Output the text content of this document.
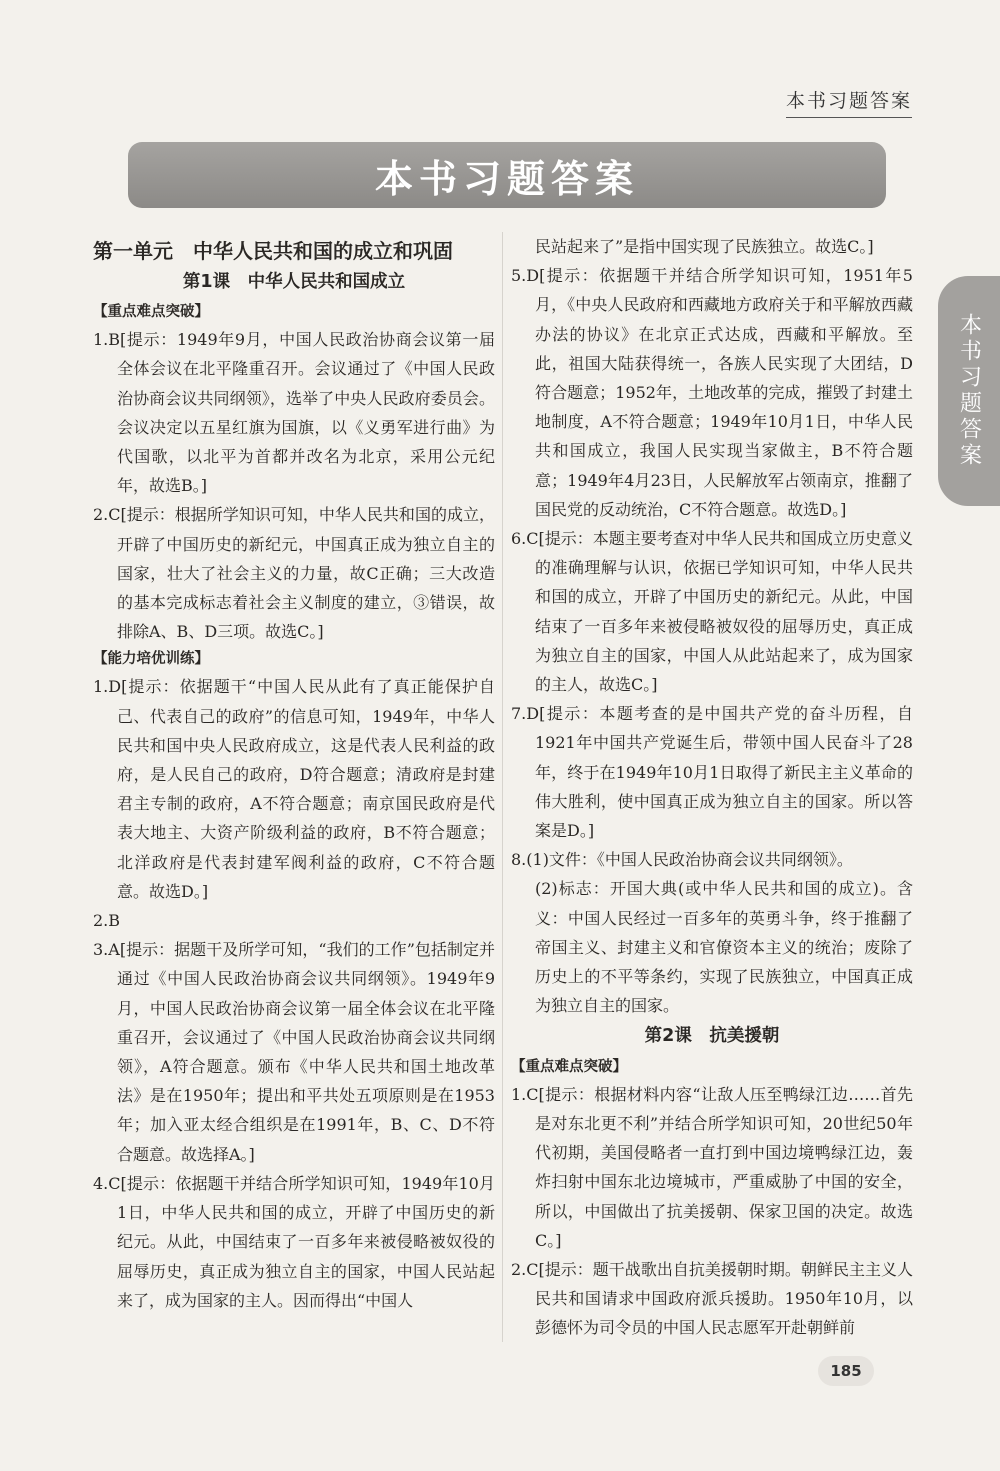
本书习题答案
本书习题答案
本书习题答案
第一单元　中华人民共和国的成立和巩固
第1课　中华人民共和国成立
【重点难点突破】

1.B[提示：1949年9月，中国人民政治协商会议第一届全体会议在北平隆重召开。会议通过了《中国人民政治协商会议共同纲领》，选举了中央人民政府委员会。会议决定以五星红旗为国旗，以《义勇军进行曲》为代国歌，以北平为首都并改名为北京，采用公元纪年，故选B。]

2.C[提示：根据所学知识可知，中华人民共和国的成立，开辟了中国历史的新纪元，中国真正成为独立自主的国家，壮大了社会主义的力量，故C正确；三大改造的基本完成标志着社会主义制度的建立，③错误，故排除A、B、D三项。故选C。]

【能力培优训练】

1.D[提示：依据题干“中国人民从此有了真正能保护自己、代表自己的政府”的信息可知，1949年，中华人民共和国中央人民政府成立，这是代表人民利益的政府，是人民自己的政府，D符合题意；清政府是封建君主专制的政府，A不符合题意；南京国民政府是代表大地主、大资产阶级利益的政府，B不符合题意；北洋政府是代表封建军阀利益的政府，C不符合题意。故选D。]

2.B

3.A[提示：据题干及所学可知，“我们的工作”包括制定并通过《中国人民政治协商会议共同纲领》。1949年9月，中国人民政治协商会议第一届全体会议在北平隆重召开，会议通过了《中国人民政治协商会议共同纲领》，A符合题意。颁布《中华人民共和国土地改革法》是在1950年；提出和平共处五项原则是在1953年；加入亚太经合组织是在1991年，B、C、D不符合题意。故选择A。]

4.C[提示：依据题干并结合所学知识可知，1949年10月1日，中华人民共和国的成立，开辟了中国历史的新纪元。从此，中国结束了一百多年来被侵略被奴役的屈辱历史，真正成为独立自主的国家，中国人民站起来了，成为国家的主人。因而得出“中国人

民站起来了”是指中国实现了民族独立。故选C。]

5.D[提示：依据题干并结合所学知识可知，1951年5月，《中央人民政府和西藏地方政府关于和平解放西藏办法的协议》在北京正式达成，西藏和平解放。至此，祖国大陆获得统一，各族人民实现了大团结，D符合题意；1952年，土地改革的完成，摧毁了封建土地制度，A不符合题意；1949年10月1日，中华人民共和国成立，我国人民实现当家做主，B不符合题意；1949年4月23日，人民解放军占领南京，推翻了国民党的反动统治，C不符合题意。故选D。]

6.C[提示：本题主要考查对中华人民共和国成立历史意义的准确理解与认识，依据已学知识可知，中华人民共和国的成立，开辟了中国历史的新纪元。从此，中国结束了一百多年来被侵略被奴役的屈辱历史，真正成为独立自主的国家，中国人从此站起来了，成为国家的主人，故选C。]

7.D[提示：本题考查的是中国共产党的奋斗历程，自1921年中国共产党诞生后，带领中国人民奋斗了28年，终于在1949年10月1日取得了新民主主义革命的伟大胜利，使中国真正成为独立自主的国家。所以答案是D。]

8.(1)文件：《中国人民政治协商会议共同纲领》。

(2)标志：开国大典(或中华人民共和国的成立)。含义：中国人民经过一百多年的英勇斗争，终于推翻了帝国主义、封建主义和官僚资本主义的统治；废除了历史上的不平等条约，实现了民族独立，中国真正成为独立自主的国家。

第2课　抗美援朝
【重点难点突破】

1.C[提示：根据材料内容“让敌人压至鸭绿江边……首先是对东北更不利”并结合所学知识可知，20世纪50年代初期，美国侵略者一直打到中国边境鸭绿江边，轰炸扫射中国东北边境城市，严重威胁了中国的安全，所以，中国做出了抗美援朝、保家卫国的决定。故选C。]

2.C[提示：题干战歌出自抗美援朝时期。朝鲜民主主义人民共和国请求中国政府派兵援助。1950年10月，以彭德怀为司令员的中国人民志愿军开赴朝鲜前

185
